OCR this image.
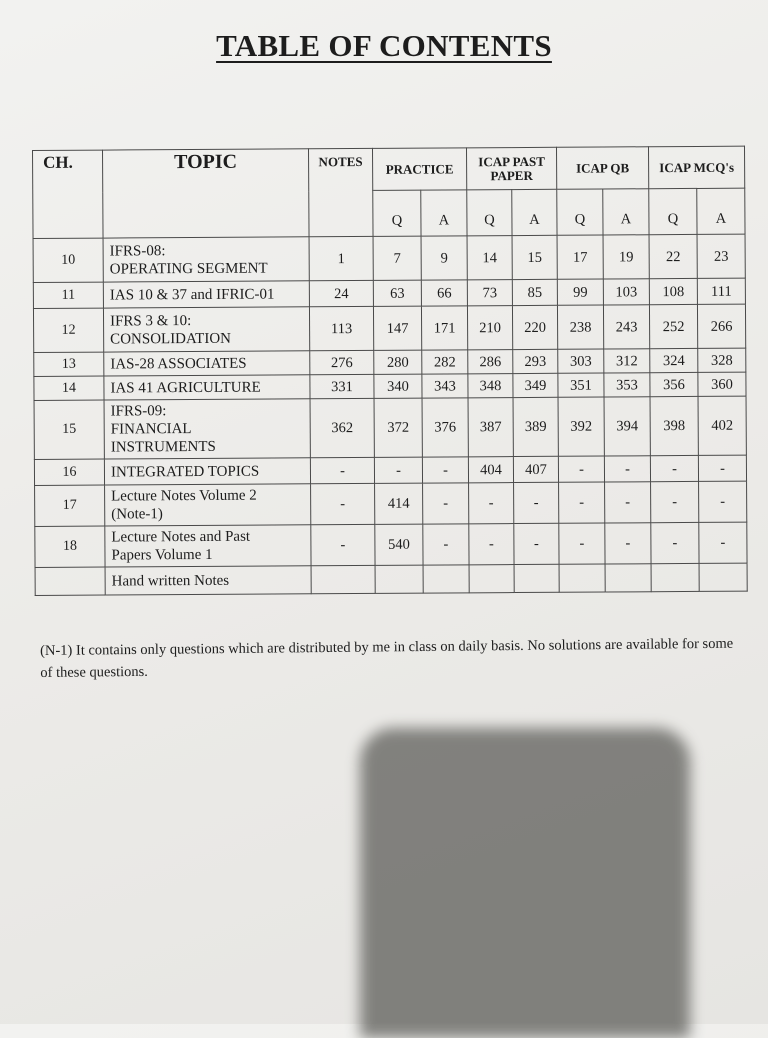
TABLE OF CONTENTS
CH.	TOPIC	NOTES	PRACTICE		ICAP PAST PAPER		ICAP QB		ICAP MCQ's	
			Q	A	Q	A	Q	A	Q	A
10	IFRS-08:
OPERATING SEGMENT	1	7	9	14	15	17	19	22	23
11	IAS 10 & 37 and IFRIC-01	24	63	66	73	85	99	103	108	111
12	IFRS 3 & 10:
CONSOLIDATION	113	147	171	210	220	238	243	252	266
13	IAS-28 ASSOCIATES	276	280	282	286	293	303	312	324	328
14	IAS 41 AGRICULTURE	331	340	343	348	349	351	353	356	360
15	IFRS-09:
FINANCIAL
INSTRUMENTS	362	372	376	387	389	392	394	398	402
16	INTEGRATED TOPICS	-	-	-	404	407	-	-	-	-
17	Lecture Notes Volume 2
(Note-1)	-	414	-	-	-	-	-	-	-
18	Lecture Notes and Past
Papers Volume 1	-	540	-	-	-	-	-	-	-
	Hand written Notes									
(N-1) It contains only questions which are distributed by me in class on daily basis. No solutions are available for some of these questions.
